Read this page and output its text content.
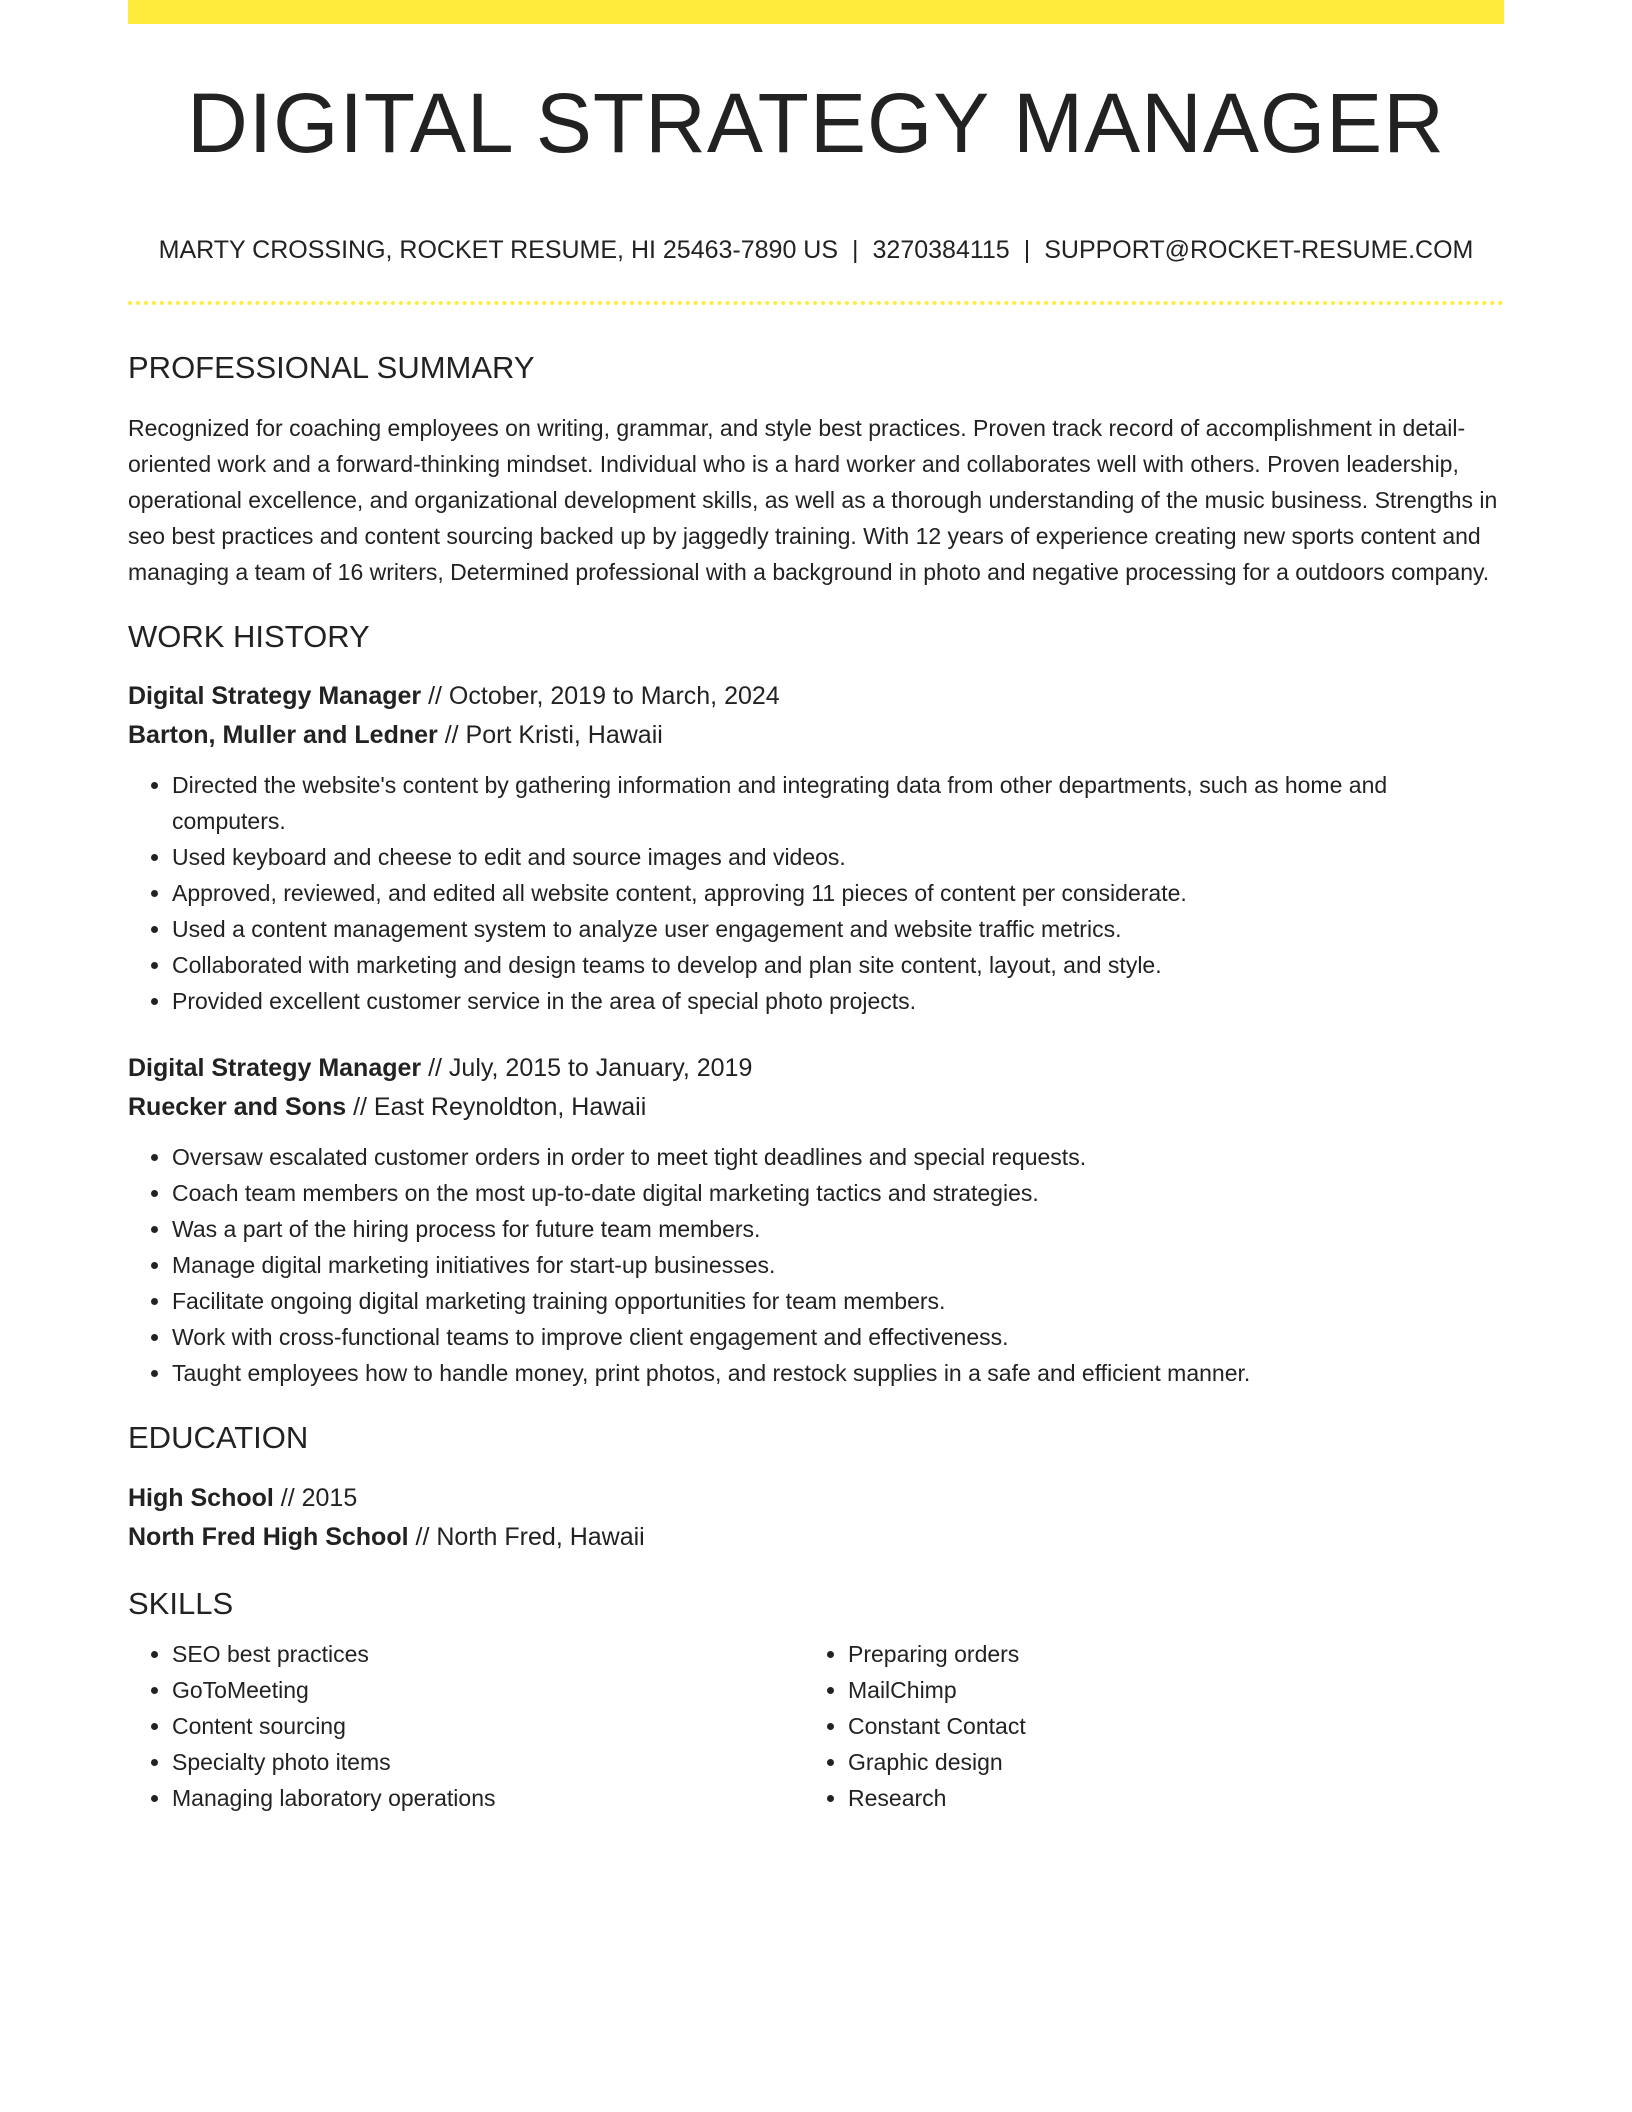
DIGITAL STRATEGY MANAGER
MARTY CROSSING, ROCKET RESUME, HI 25463-7890 US | 3270384115 | SUPPORT@ROCKET-RESUME.COM
PROFESSIONAL SUMMARY
Recognized for coaching employees on writing, grammar, and style best practices. Proven track record of accomplishment in detail-oriented work and a forward-thinking mindset. Individual who is a hard worker and collaborates well with others. Proven leadership, operational excellence, and organizational development skills, as well as a thorough understanding of the music business. Strengths in seo best practices and content sourcing backed up by jaggedly training. With 12 years of experience creating new sports content and managing a team of 16 writers, Determined professional with a background in photo and negative processing for a outdoors company.
WORK HISTORY
Digital Strategy Manager // October, 2019 to March, 2024
Barton, Muller and Ledner // Port Kristi, Hawaii
• Directed the website's content by gathering information and integrating data from other departments, such as home and computers.
• Used keyboard and cheese to edit and source images and videos.
• Approved, reviewed, and edited all website content, approving 11 pieces of content per considerate.
• Used a content management system to analyze user engagement and website traffic metrics.
• Collaborated with marketing and design teams to develop and plan site content, layout, and style.
• Provided excellent customer service in the area of special photo projects.
Digital Strategy Manager // July, 2015 to January, 2019
Ruecker and Sons // East Reynoldton, Hawaii
• Oversaw escalated customer orders in order to meet tight deadlines and special requests.
• Coach team members on the most up-to-date digital marketing tactics and strategies.
• Was a part of the hiring process for future team members.
• Manage digital marketing initiatives for start-up businesses.
• Facilitate ongoing digital marketing training opportunities for team members.
• Work with cross-functional teams to improve client engagement and effectiveness.
• Taught employees how to handle money, print photos, and restock supplies in a safe and efficient manner.
EDUCATION
High School // 2015
North Fred High School // North Fred, Hawaii
SKILLS
• SEO best practices
• GoToMeeting
• Content sourcing
• Specialty photo items
• Managing laboratory operations
• Preparing orders
• MailChimp
• Constant Contact
• Graphic design
• Research
